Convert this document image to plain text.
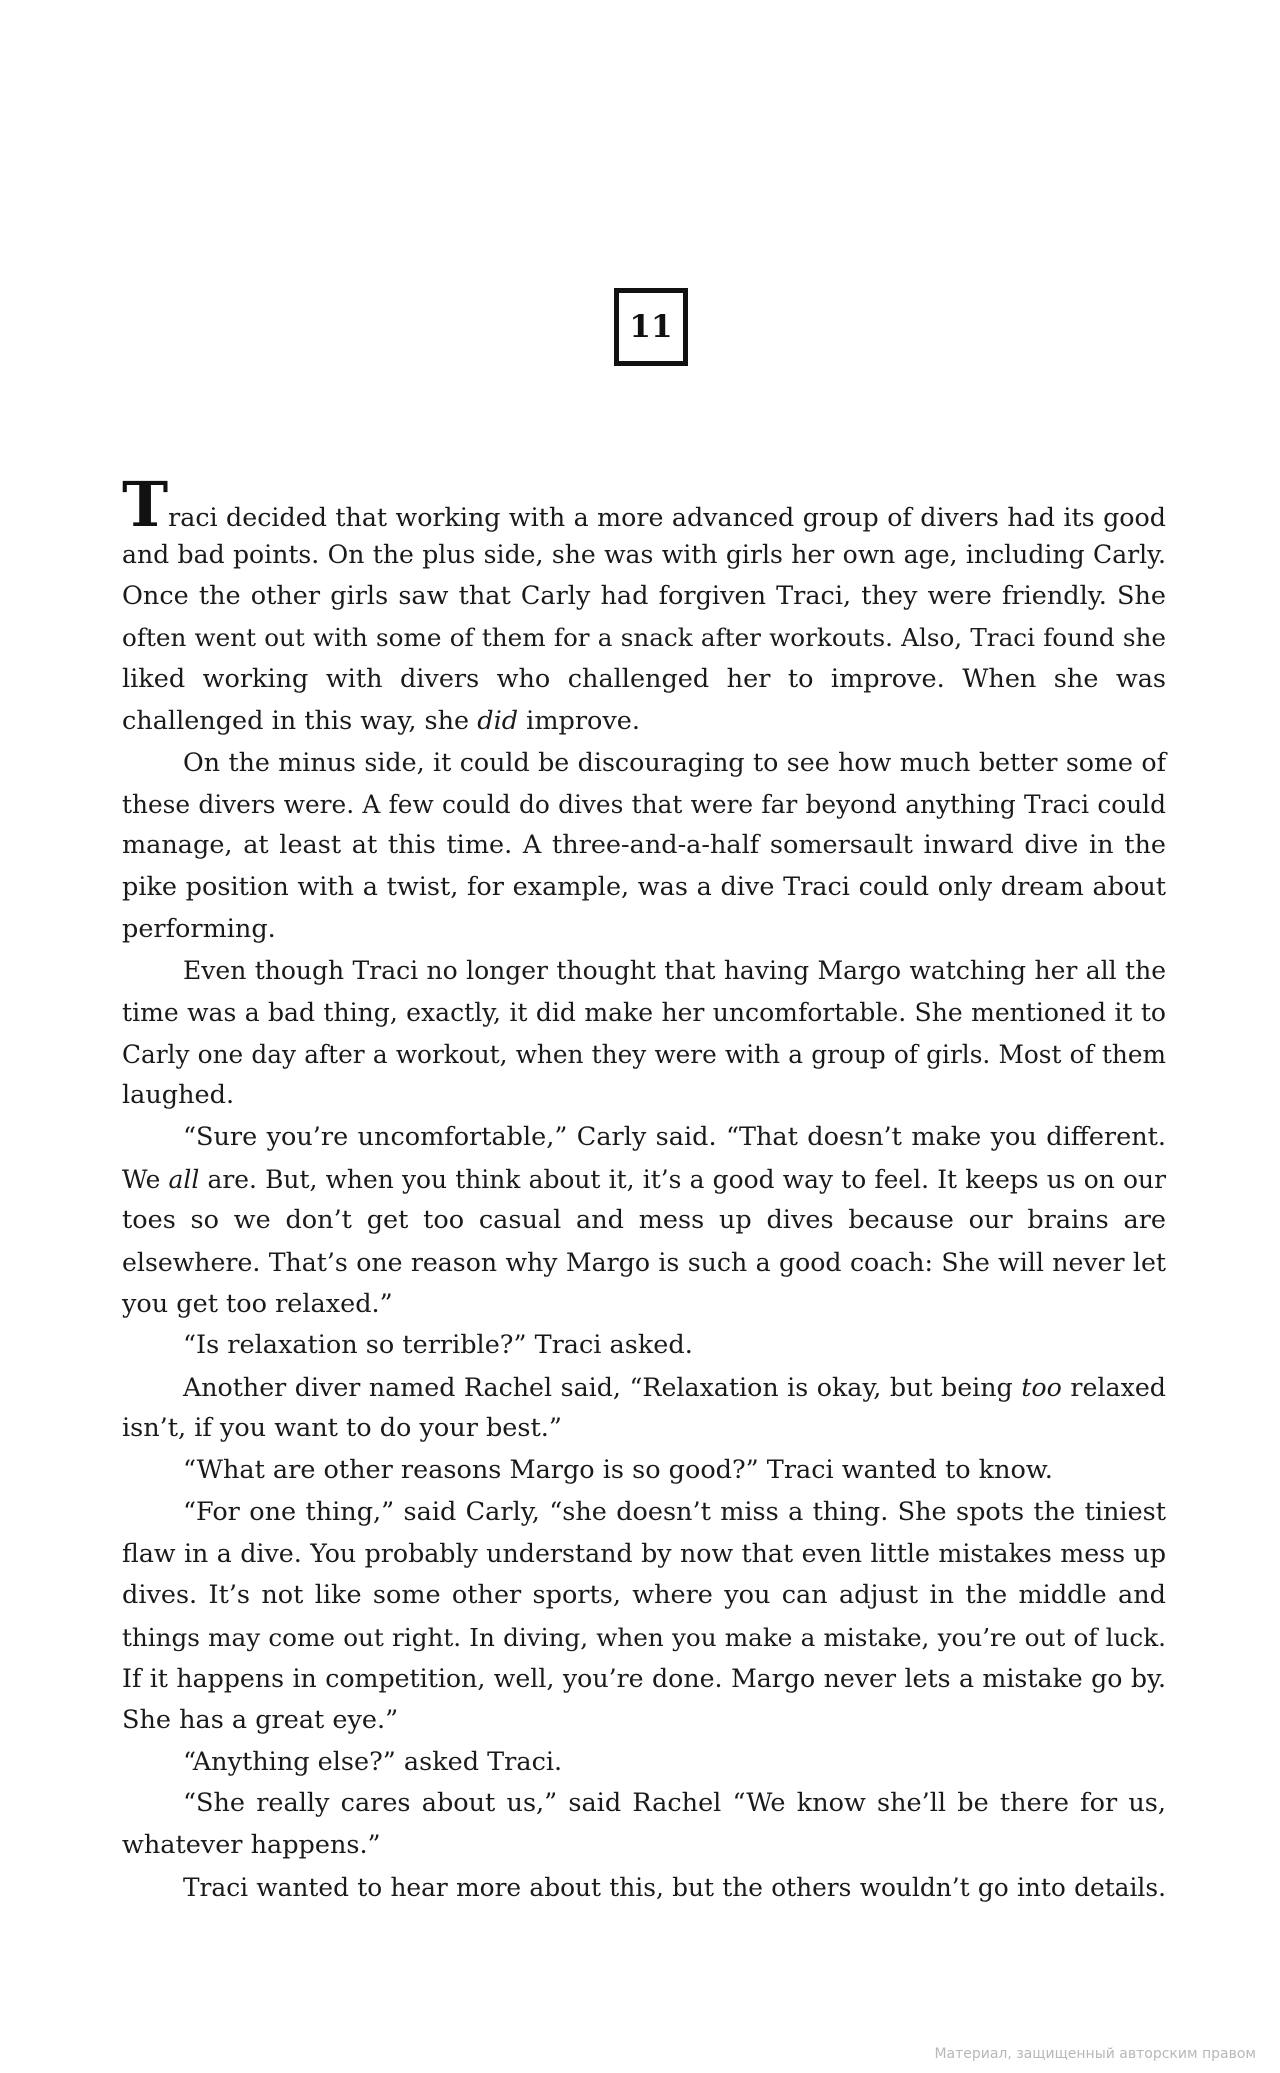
11
Traci decided that working with a more advanced group of divers had its good
and bad points. On the plus side, she was with girls her own age, including Carly.
Once the other girls saw that Carly had forgiven Traci, they were friendly. She
often went out with some of them for a snack after workouts. Also, Traci found she
liked working with divers who challenged her to improve. When she was
challenged in this way, she did improve.
On the minus side, it could be discouraging to see how much better some of
these divers were. A few could do dives that were far beyond anything Traci could
manage, at least at this time. A three-and-a-half somersault inward dive in the
pike position with a twist, for example, was a dive Traci could only dream about
performing.
Even though Traci no longer thought that having Margo watching her all the
time was a bad thing, exactly, it did make her uncomfortable. She mentioned it to
Carly one day after a workout, when they were with a group of girls. Most of them
laughed.
“Sure you’re uncomfortable,” Carly said. “That doesn’t make you different.
We all are. But, when you think about it, it’s a good way to feel. It keeps us on our
toes so we don’t get too casual and mess up dives because our brains are
elsewhere. That’s one reason why Margo is such a good coach: She will never let
you get too relaxed.”
“Is relaxation so terrible?” Traci asked.
Another diver named Rachel said, “Relaxation is okay, but being too relaxed
isn’t, if you want to do your best.”
“What are other reasons Margo is so good?” Traci wanted to know.
“For one thing,” said Carly, “she doesn’t miss a thing. She spots the tiniest
flaw in a dive. You probably understand by now that even little mistakes mess up
dives. It’s not like some other sports, where you can adjust in the middle and
things may come out right. In diving, when you make a mistake, you’re out of luck.
If it happens in competition, well, you’re done. Margo never lets a mistake go by.
She has a great eye.”
“Anything else?” asked Traci.
“She really cares about us,” said Rachel “We know she’ll be there for us,
whatever happens.”
Traci wanted to hear more about this, but the others wouldn’t go into details.
Материал, защищенный авторским правом
